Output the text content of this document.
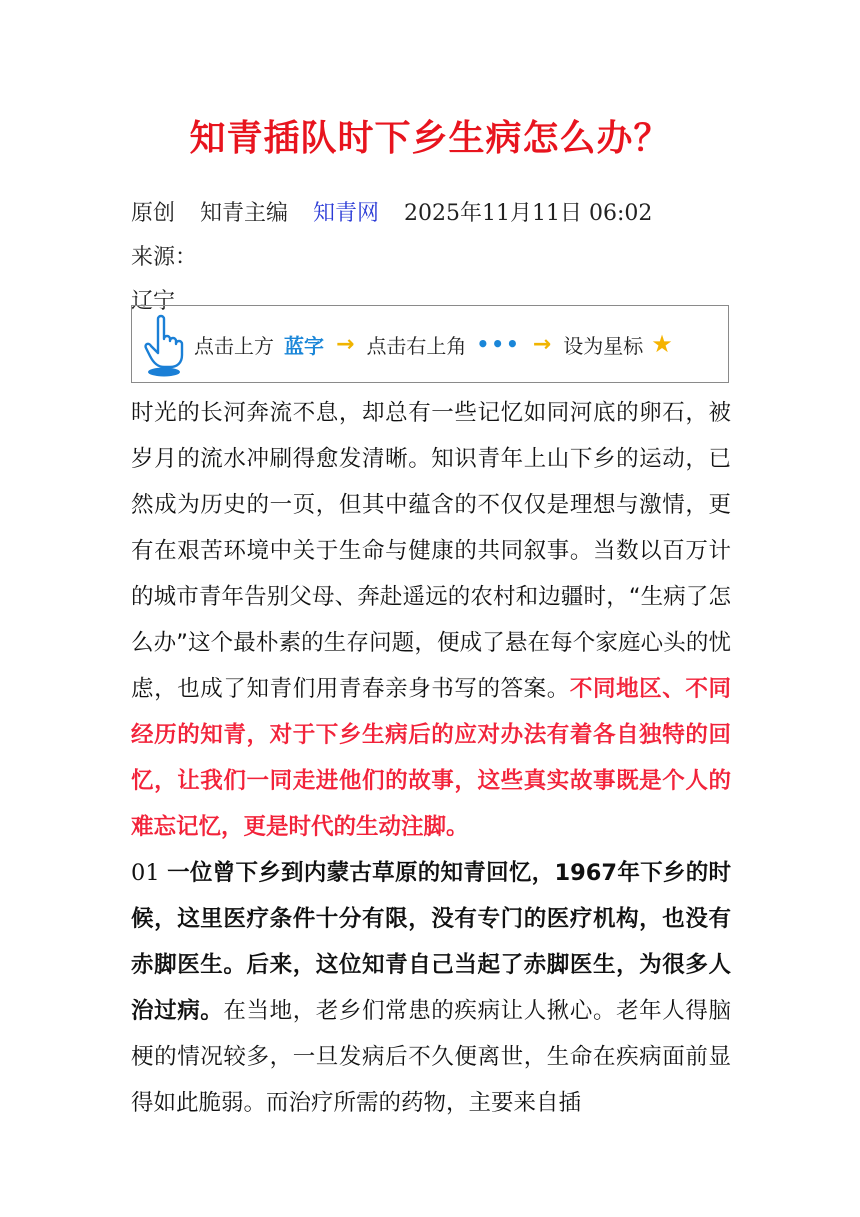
知青插队时下乡生病怎么办？
原创 知青主编 知青网 2025年11月11日 06:02 来源：
辽宁
点击上方 蓝字 → 点击右上角 ••• → 设为星标 ★

时光的长河奔流不息，却总有一些记忆如同河底的卵石，被岁月的流水冲刷得愈发清晰。知识青年上山下乡的运动，已然成为历史的一页，但其中蕴含的不仅仅是理想与激情，更有在艰苦环境中关于生命与健康的共同叙事。当数以百万计的城市青年告别父母、奔赴遥远的农村和边疆时，“生病了怎么办”这个最朴素的生存问题，便成了悬在每个家庭心头的忧虑，也成了知青们用青春亲身书写的答案。不同地区、不同经历的知青，对于下乡生病后的应对办法有着各自独特的回忆，让我们一同走进他们的故事，这些真实故事既是个人的难忘记忆，更是时代的生动注脚。

01 一位曾下乡到内蒙古草原的知青回忆，1967年下乡的时候，这里医疗条件十分有限，没有专门的医疗机构，也没有赤脚医生。后来，这位知青自己当起了赤脚医生，为很多人治过病。在当地，老乡们常患的疾病让人揪心。老年人得脑梗的情况较多，一旦发病后不久便离世，生命在疾病面前显得如此脆弱。而治疗所需的药物，主要来自插
